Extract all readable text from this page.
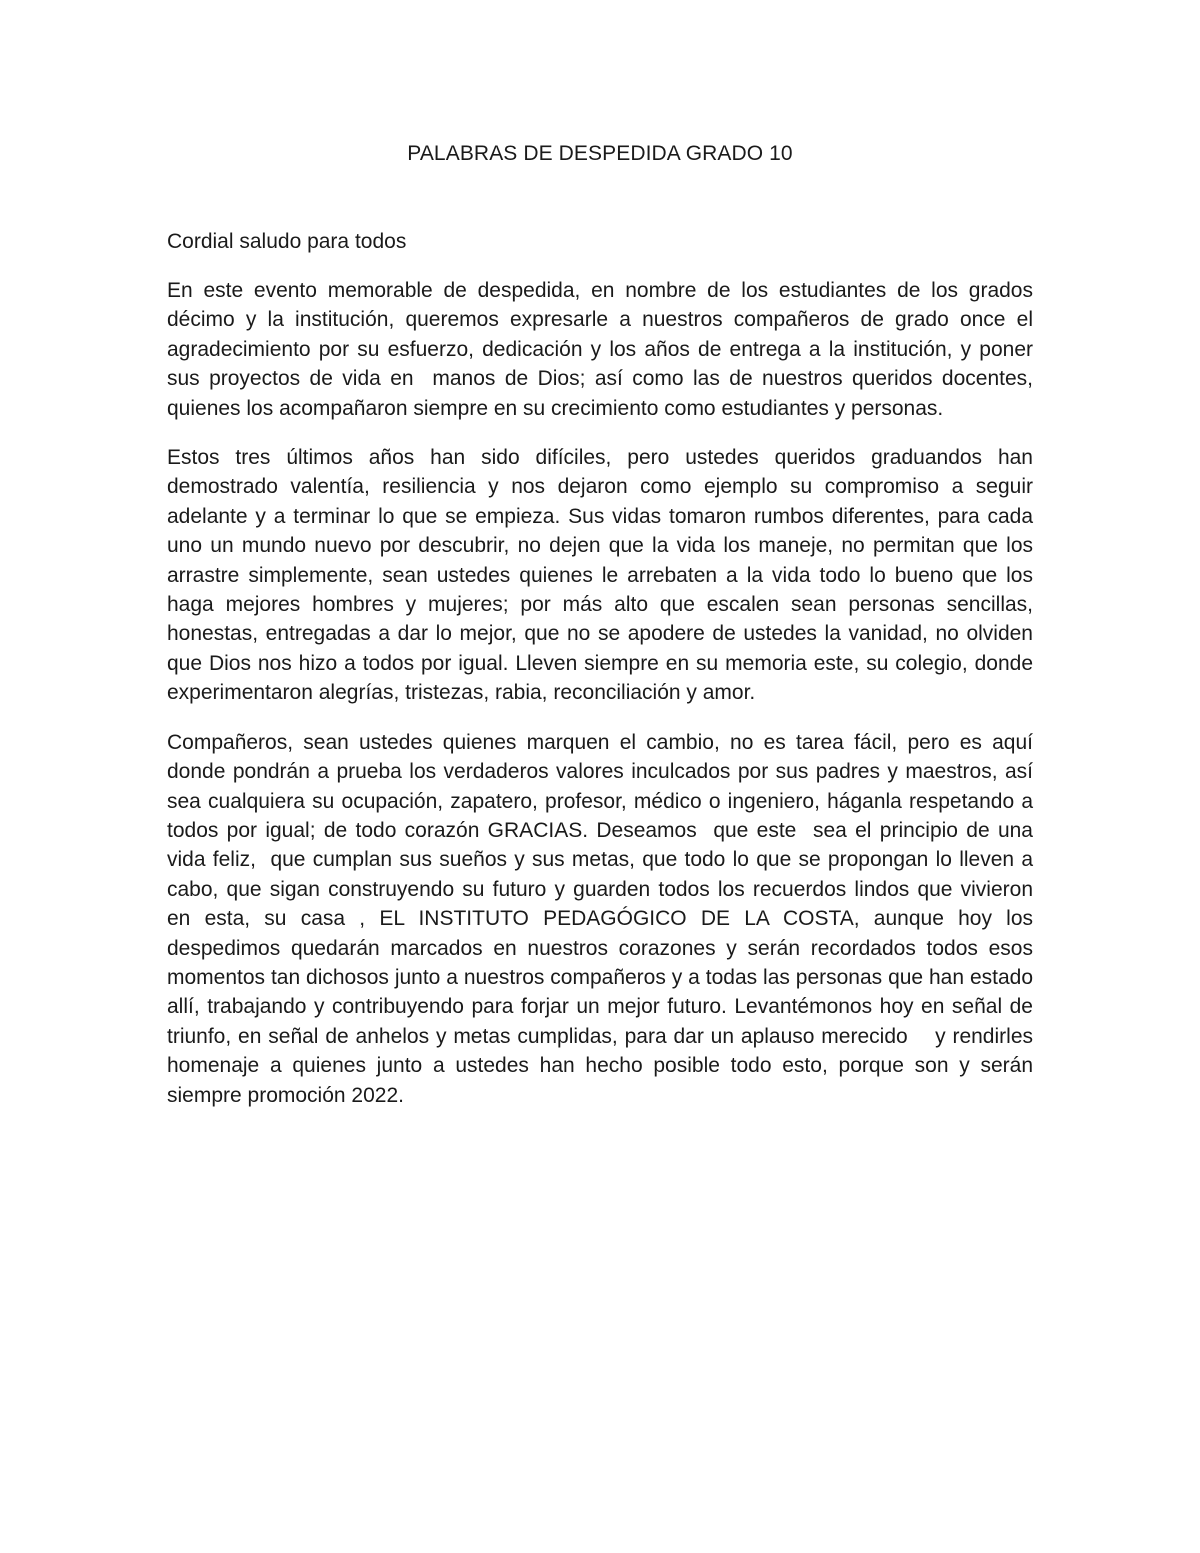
PALABRAS DE DESPEDIDA GRADO 10

Cordial saludo para todos

En este evento memorable de despedida, en nombre de los estudiantes de los grados décimo y la institución, queremos expresarle a nuestros compañeros de grado once el agradecimiento por su esfuerzo, dedicación y los años de entrega a la institución, y poner sus proyectos de vida en  manos de Dios; así como las de nuestros queridos docentes, quienes los acompañaron siempre en su crecimiento como estudiantes y personas.

Estos tres últimos años han sido difíciles, pero ustedes queridos graduandos han demostrado valentía, resiliencia y nos dejaron como ejemplo su compromiso a seguir adelante y a terminar lo que se empieza. Sus vidas tomaron rumbos diferentes, para cada uno un mundo nuevo por descubrir, no dejen que la vida los maneje, no permitan que los arrastre simplemente, sean ustedes quienes le arrebaten a la vida todo lo bueno que los haga mejores hombres y mujeres; por más alto que escalen sean personas sencillas, honestas, entregadas a dar lo mejor, que no se apodere de ustedes la vanidad, no olviden que Dios nos hizo a todos por igual. Lleven siempre en su memoria este, su colegio, donde experimentaron alegrías, tristezas, rabia, reconciliación y amor.

Compañeros, sean ustedes quienes marquen el cambio, no es tarea fácil, pero es aquí donde pondrán a prueba los verdaderos valores inculcados por sus padres y maestros, así sea cualquiera su ocupación, zapatero, profesor, médico o ingeniero, háganla respetando a todos por igual; de todo corazón GRACIAS. Deseamos  que este  sea el principio de una vida feliz,  que cumplan sus sueños y sus metas, que todo lo que se propongan lo lleven a cabo, que sigan construyendo su futuro y guarden todos los recuerdos lindos que vivieron  en esta, su casa , EL INSTITUTO PEDAGÓGICO DE LA COSTA, aunque hoy los despedimos quedarán marcados en nuestros corazones y serán recordados todos esos momentos tan dichosos junto a nuestros compañeros y a todas las personas que han estado allí, trabajando y contribuyendo para forjar un mejor futuro. Levantémonos hoy en señal de triunfo, en señal de anhelos y metas cumplidas, para dar un aplauso merecido    y rendirles homenaje a quienes junto a ustedes han hecho posible todo esto, porque son y serán siempre promoción 2022.
